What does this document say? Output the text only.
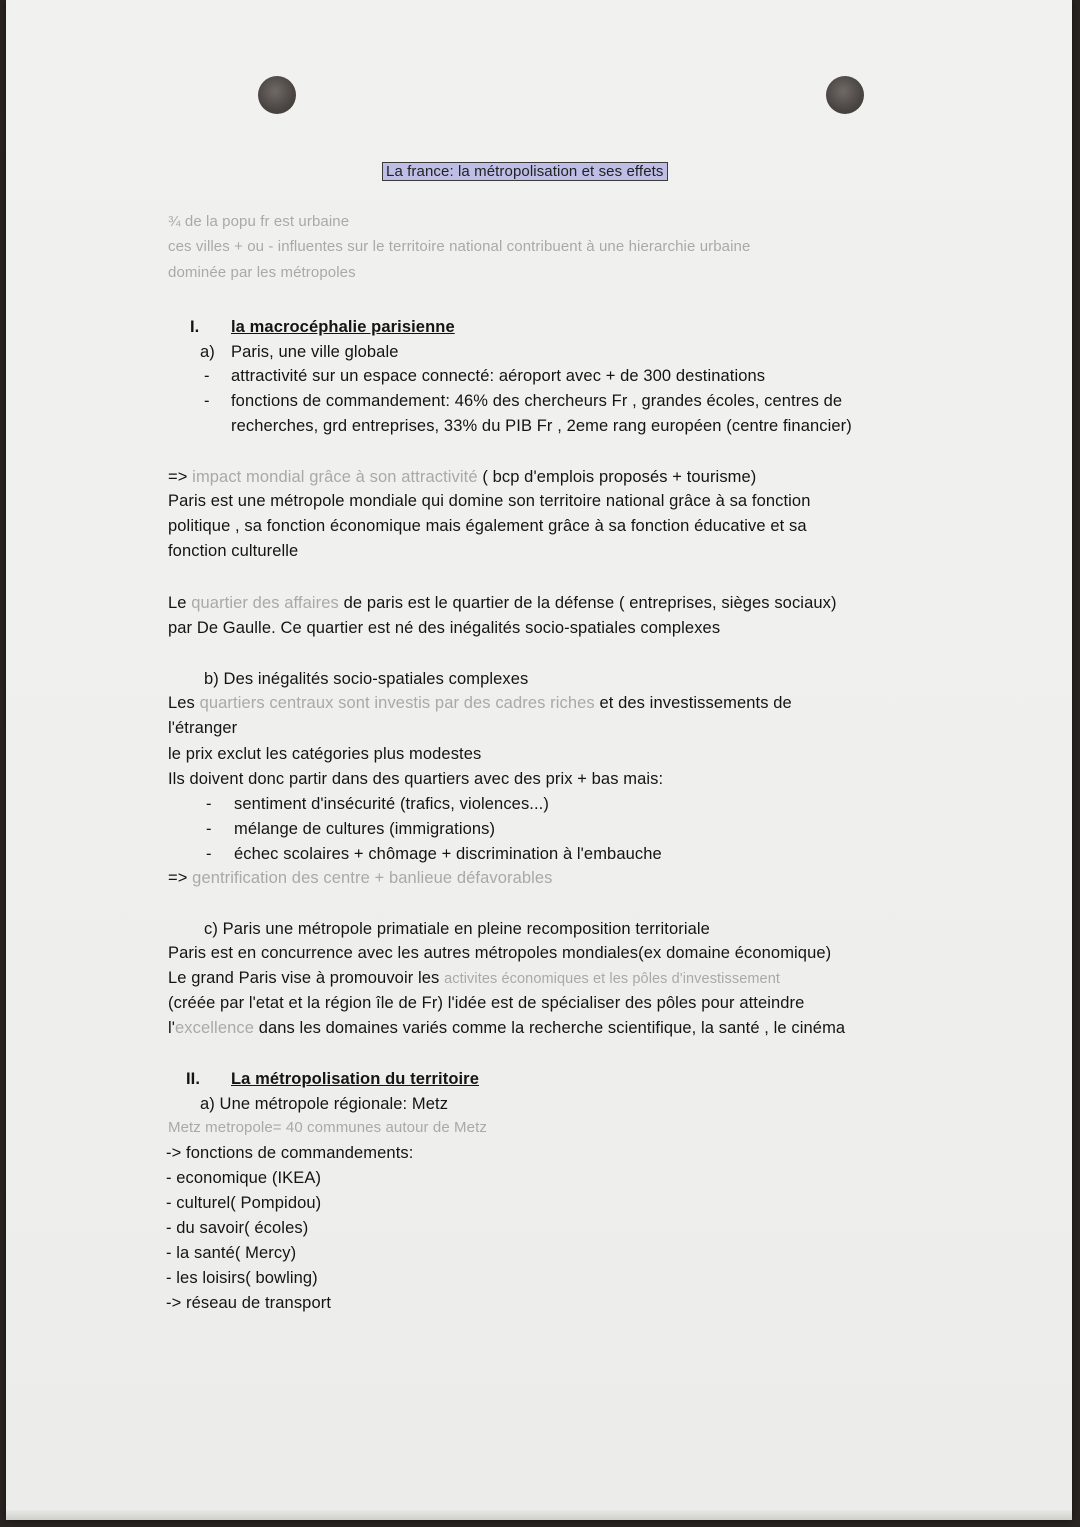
La france: la métropolisation et ses effets
¾ de la popu fr est urbaine
ces villes + ou - influentes sur le territoire national contribuent à une hierarchie urbaine
dominée par les métropoles
I. la macrocéphalie parisienne
a) Paris, une ville globale
- attractivité sur un espace connecté: aéroport avec + de 300 destinations
- fonctions de commandement: 46% des chercheurs Fr , grandes écoles, centres de
recherches, grd entreprises, 33% du PIB Fr , 2eme rang européen (centre financier)
=> impact mondial grâce à son attractivité ( bcp d'emplois proposés + tourisme)
Paris est une métropole mondiale qui domine son territoire national grâce à sa fonction
politique , sa fonction économique mais également grâce à sa fonction éducative et sa
fonction culturelle
Le quartier des affaires de paris est le quartier de la défense ( entreprises, sièges sociaux)
par De Gaulle. Ce quartier est né des inégalités socio-spatiales complexes
b) Des inégalités socio-spatiales complexes
Les quartiers centraux sont investis par des cadres riches et des investissements de
l'étranger
le prix exclut les catégories plus modestes
Ils doivent donc partir dans des quartiers avec des prix + bas mais:
- sentiment d'insécurité (trafics, violences...)
- mélange de cultures (immigrations)
- échec scolaires + chômage + discrimination à l'embauche
=> gentrification des centre + banlieue défavorables
c) Paris une métropole primatiale en pleine recomposition territoriale
Paris est en concurrence avec les autres métropoles mondiales(ex domaine économique)
Le grand Paris vise à promouvoir les activites économiques et les pôles d'investissement
(créée par l'etat et la région île de Fr) l'idée est de spécialiser des pôles pour atteindre
l'excellence dans les domaines variés comme la recherche scientifique, la santé , le cinéma
II. La métropolisation du territoire
a) Une métropole régionale: Metz
Metz metropole= 40 communes autour de Metz
-> fonctions de commandements:
- economique (IKEA)
- culturel( Pompidou)
- du savoir( écoles)
- la santé( Mercy)
- les loisirs( bowling)
-> réseau de transport
